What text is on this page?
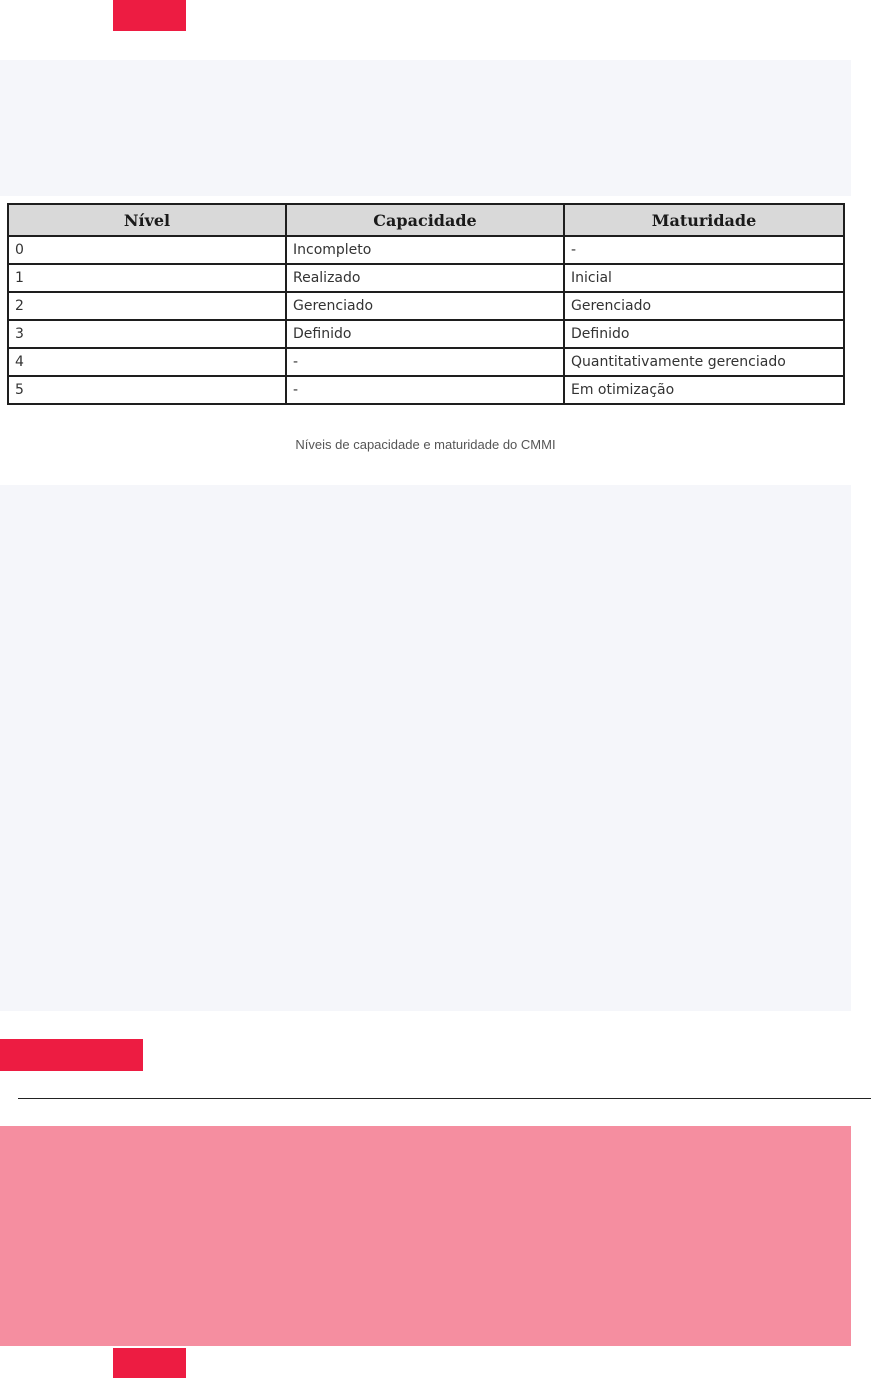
Nível	Capacidade	Maturidade
0	Incompleto	-
1	Realizado	Inicial
2	Gerenciado	Gerenciado
3	Definido	Definido
4	-	Quantitativamente gerenciado
5	-	Em otimização
Níveis de capacidade e maturidade do CMMI
